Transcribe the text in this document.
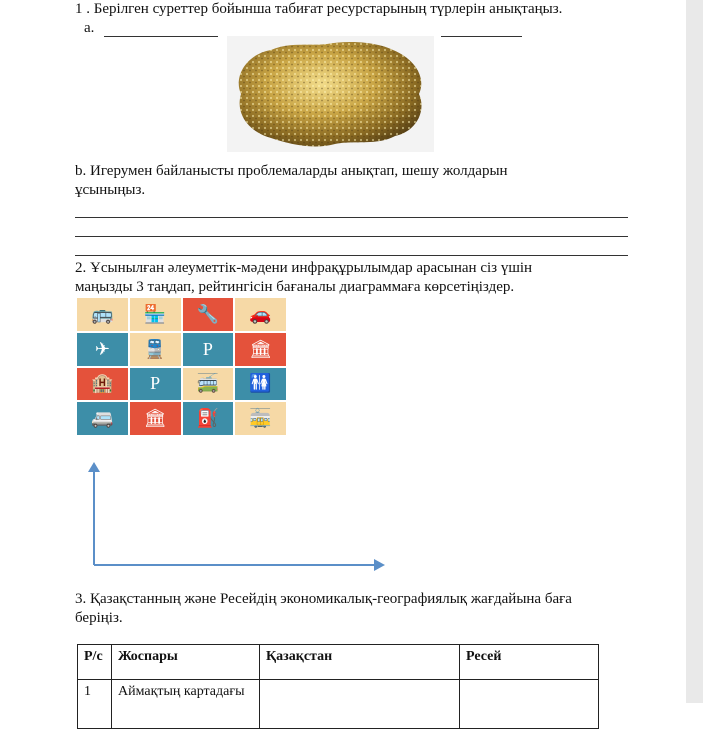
1 . Берілген суреттер бойынша табиғат ресурстарының түрлерін анықтаңыз.
a.
b. Игерумен байланысты проблемаларды анықтап, шешу жолдарын
ұсыныңыз.
2. Ұсынылған әлеуметтік-мәдени инфрақұрылымдар арасынан сіз үшін
маңызды 3 таңдап, рейтингісін бағаналы диаграммаға көрсетіңіздер.
🚌	🏪	🔧	🚗
✈	🚆	P	🏛
🏨	P	🚎	🚻
🚐	🏛	⛽	🚋
3. Қазақстанның және Ресейдің экономикалық-географиялық жағдайына баға
беріңіз.
Р/с	Жоспары	Қазақстан	Ресей
1	Аймақтың картадағы		
